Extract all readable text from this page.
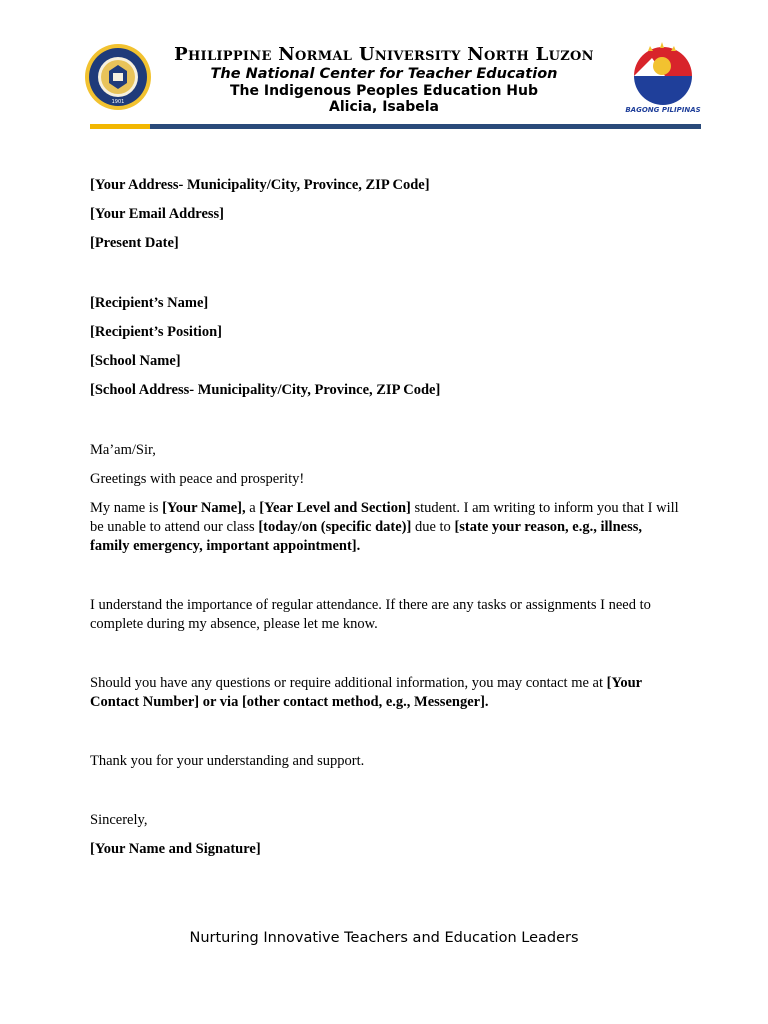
1901
Philippine Normal University North Luzon
The National Center for Teacher Education
The Indigenous Peoples Education Hub
Alicia, Isabela	BAGONG PILIPINAS

[Your Address- Municipality/City, Province, ZIP Code]

[Your Email Address]

[Present Date]

[Recipient’s Name]

[Recipient’s Position]

[School Name]

[School Address- Municipality/City, Province, ZIP Code]

Ma’am/Sir,

Greetings with peace and prosperity!

My name is [Your Name], a [Year Level and Section] student. I am writing to inform you that I will be unable to attend our class [today/on (specific date)] due to [state your reason, e.g., illness, family emergency, important appointment].

I understand the importance of regular attendance. If there are any tasks or assignments I need to complete during my absence, please let me know.

Should you have any questions or require additional information, you may contact me at [Your Contact Number] or via [other contact method, e.g., Messenger].

Thank you for your understanding and support.

Sincerely,

[Your Name and Signature]

Nurturing Innovative Teachers and Education Leaders
